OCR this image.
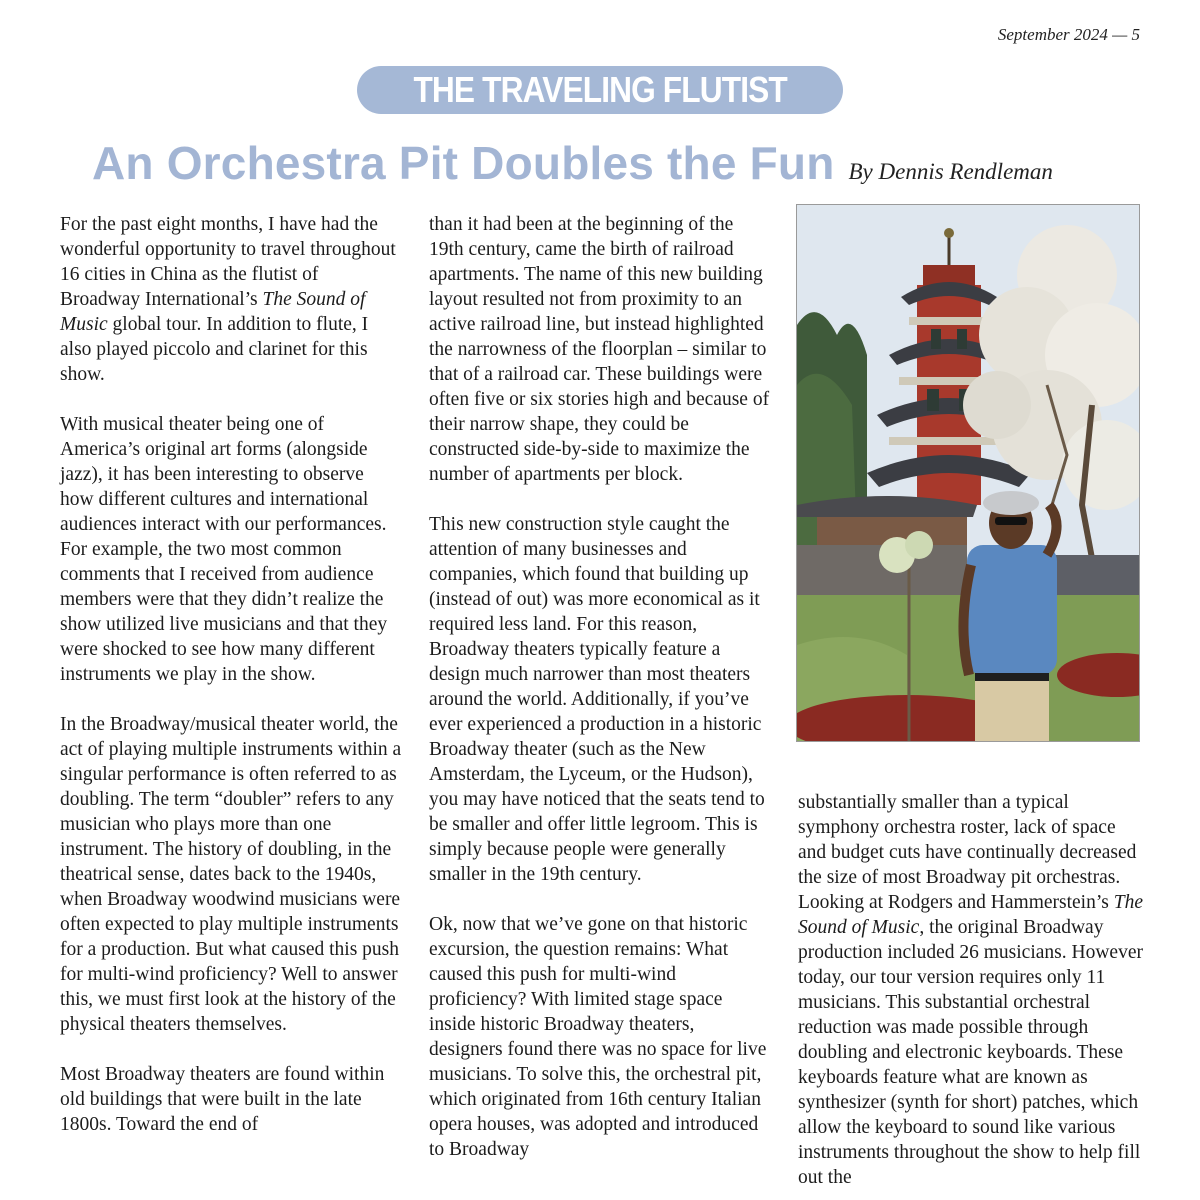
September 2024 — 5
THE TRAVELING FLUTIST
An Orchestra Pit Doubles the Fun By Dennis Rendleman

For the past eight months, I have had the wonderful opportunity to travel throughout 16 cities in China as the flutist of Broadway International’s The Sound of Music global tour. In addition to flute, I also played piccolo and clarinet for this show.

With musical theater being one of America’s original art forms (alongside jazz), it has been interesting to observe how different cultures and international audiences interact with our performances. For example, the two most common comments that I received from audience members were that they didn’t realize the show utilized live musicians and that they were shocked to see how many different instruments we play in the show.

In the Broadway/musical theater world, the act of playing multiple instruments within a singular performance is often referred to as doubling. The term “doubler” refers to any musician who plays more than one instrument. The history of doubling, in the theatrical sense, dates back to the 1940s, when Broadway woodwind musicians were often expected to play multiple instruments for a production. But what caused this push for multi-wind proficiency? Well to answer this, we must first look at the history of the physical theaters themselves.

Most Broadway theaters are found within old buildings that were built in the late 1800s. Toward the end of

than it had been at the beginning of the 19th century, came the birth of railroad apartments. The name of this new building layout resulted not from proximity to an active railroad line, but instead highlighted the narrowness of the floorplan – similar to that of a railroad car. These buildings were often five or six stories high and because of their narrow shape, they could be constructed side-by-side to maximize the number of apartments per block.

This new construction style caught the attention of many businesses and companies, which found that building up (instead of out) was more economical as it required less land. For this reason, Broadway theaters typically feature a design much narrower than most theaters around the world. Additionally, if you’ve ever experienced a production in a historic Broadway theater (such as the New Amsterdam, the Lyceum, or the Hudson), you may have noticed that the seats tend to be smaller and offer little legroom. This is simply because people were generally smaller in the 19th century.

Ok, now that we’ve gone on that historic excursion, the question remains: What caused this push for multi-wind proficiency? With limited stage space inside historic Broadway theaters, designers found there was no space for live musicians. To solve this, the orchestral pit, which originated from 16th century Italian opera houses, was adopted and introduced to Broadway

substantially smaller than a typical symphony orchestra roster, lack of space and budget cuts have continually decreased the size of most Broadway pit orchestras.

Looking at Rodgers and Hammerstein’s The Sound of Music, the original Broadway production included 26 musicians. However today, our tour version requires only 11 musicians. This substantial orchestral reduction was made possible through doubling and electronic keyboards. These keyboards feature what are known as synthesizer (synth for short) patches, which allow the keyboard to sound like various instruments throughout the show to help fill out the
